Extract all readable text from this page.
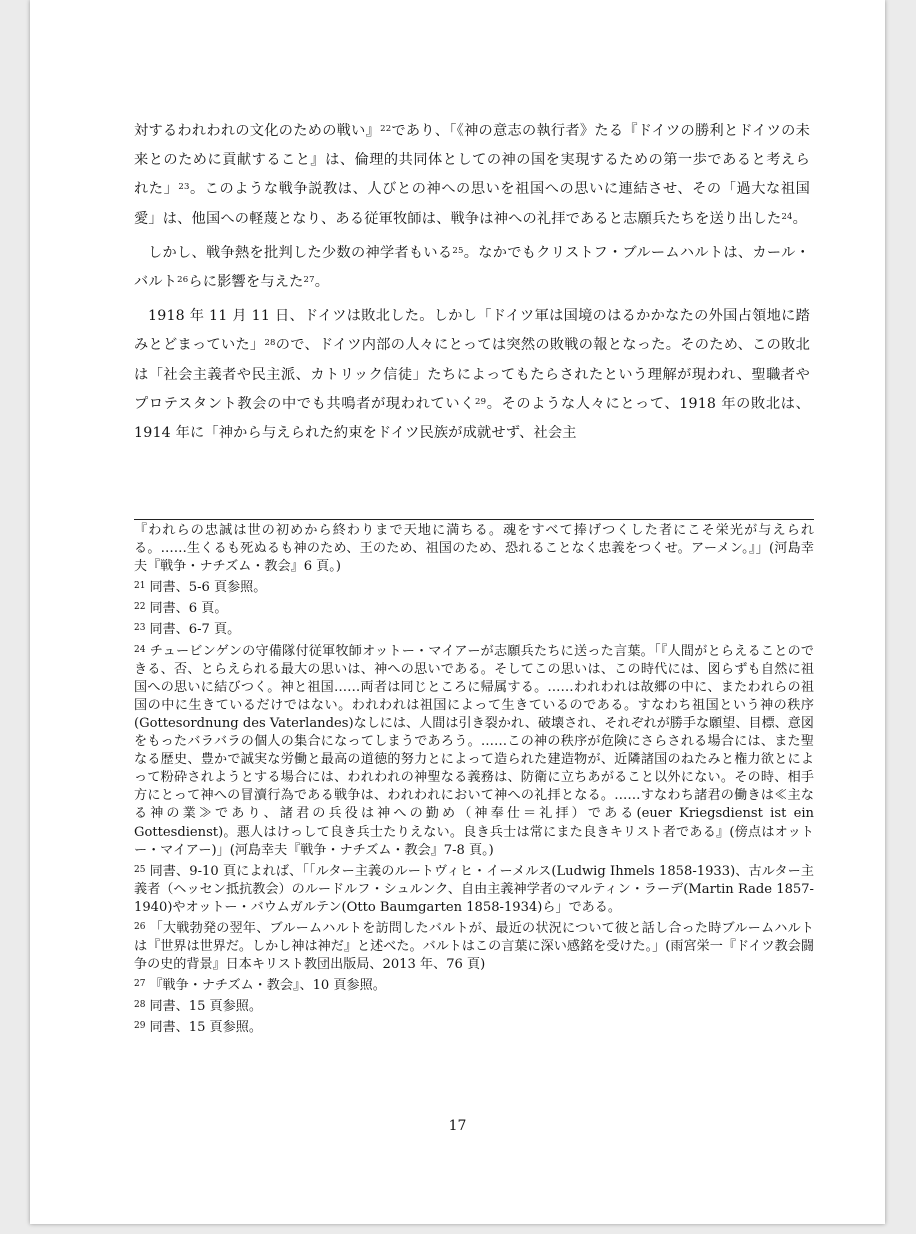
対するわれわれの文化のための戦い』$^{22}$であり、「《神の意志の執行者》たる『ドイツの勝利とドイツの未来とのために貢献すること』は、倫理的共同体としての神の国を実現するための第一歩であると考えられた」$^{23}$。このような戦争説教は、人びとの神への思いを祖国への思いに連結させ、その「過大な祖国愛」は、他国への軽蔑となり、ある従軍牧師は、戦争は神への礼拝であると志願兵たちを送り出した$^{24}$。

しかし、戦争熱を批判した少数の神学者もいる$^{25}$。なかでもクリストフ・ブルームハルトは、カール・バルト$^{26}$らに影響を与えた$^{27}$。

1918 年 11 月 11 日、ドイツは敗北した。しかし「ドイツ軍は国境のはるかかなたの外国占領地に踏みとどまっていた」$^{28}$ので、ドイツ内部の人々にとっては突然の敗戦の報となった。そのため、この敗北は「社会主義者や民主派、カトリック信徒」たちによってもたらされたという理解が現われ、聖職者やプロテスタント教会の中でも共鳴者が現われていく$^{29}$。そのような人々にとって、1918 年の敗北は、1914 年に「神から与えられた約束をドイツ民族が成就せず、社会主

『われらの忠誠は世の初めから終わりまで天地に満ちる。魂をすべて捧げつくした者にこそ栄光が与えられる。……生くるも死ぬるも神のため、王のため、祖国のため、恐れることなく忠義をつくせ。アーメン。』」(河島幸夫『戦争・ナチズム・教会』6 頁。)

$^{21}$ 同書、5-6 頁参照。

$^{22}$ 同書、6 頁。

$^{23}$ 同書、6-7 頁。

$^{24}$ チュービンゲンの守備隊付従軍牧師オットー・マイアーが志願兵たちに送った言葉。「『人間がとらえることのできる、否、とらえられる最大の思いは、神への思いである。そしてこの思いは、この時代には、図らずも自然に祖国への思いに結びつく。神と祖国……両者は同じところに帰属する。……われわれは故郷の中に、またわれらの祖国の中に生きているだけではない。われわれは祖国によって生きているのである。すなわち祖国という神の秩序(Gottesordnung des Vaterlandes)なしには、人間は引き裂かれ、破壊され、それぞれが勝手な願望、目標、意図をもったバラバラの個人の集合になってしまうであろう。……この神の秩序が危険にさらされる場合には、また聖なる歴史、豊かで誠実な労働と最高の道徳的努力とによって造られた建造物が、近隣諸国のねたみと権力欲とによって粉砕されようとする場合には、われわれの神聖なる義務は、防衛に立ちあがること以外にない。その時、相手方にとって神への冒瀆行為である戦争は、われわれにおいて神への礼拝となる。……すなわち諸君の働きは≪主なる神の業≫であり、諸君の兵役は神への勤め（神奉仕＝礼拝）である(euer Kriegsdienst ist ein Gottesdienst)。悪人はけっして良き兵士たりえない。良き兵士は常にまた良きキリスト者である』(傍点はオットー・マイアー)」(河島幸夫『戦争・ナチズム・教会』7-8 頁。)

$^{25}$ 同書、9-10 頁によれば、「「ルター主義のルートヴィヒ・イーメルス(Ludwig Ihmels 1858-1933)、古ルター主義者（ヘッセン抵抗教会）のルードルフ・シュルンク、自由主義神学者のマルティン・ラーデ(Martin Rade 1857-1940)やオットー・バウムガルテン(Otto Baumgarten 1858-1934)ら」である。

$^{26}$ 「大戦勃発の翌年、ブルームハルトを訪問したバルトが、最近の状況について彼と話し合った時ブルームハルトは『世界は世界だ。しかし神は神だ』と述べた。バルトはこの言葉に深い感銘を受けた。」(雨宮栄一『ドイツ教会闘争の史的背景』日本キリスト教団出版局、2013 年、76 頁)

$^{27}$ 『戦争・ナチズム・教会』、10 頁参照。

$^{28}$ 同書、15 頁参照。

$^{29}$ 同書、15 頁参照。

17
